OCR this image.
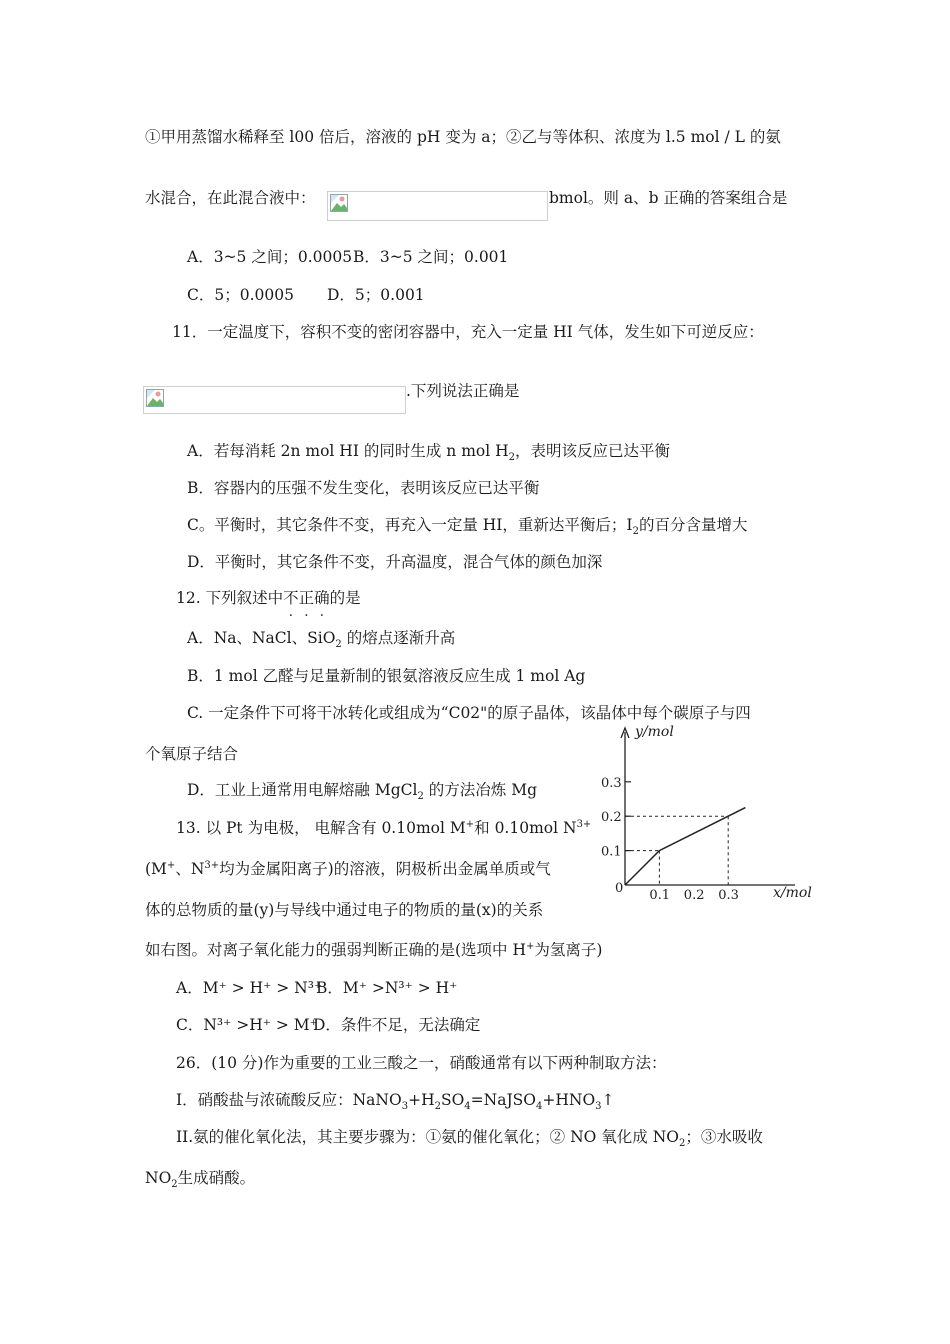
①甲用蒸馏水稀释至 l00 倍后，溶液的 pH 变为 a；②乙与等体积、浓度为 l.5 mol / L 的氨
水混合，在此混合液中：	bmol。则 a、b 正确的答案组合是
A．3~5 之间；0.0005 B．3~5 之间；0.001
C．5；0.0005 D．5；0.001
11．一定温度下，容积不变的密闭容器中，充入一定量 HI 气体，发生如下可逆反应：
.下列说法正确是
A．若每消耗 2n mol HI 的同时生成 n mol $H_2$，表明该反应已达平衡
B．容器内的压强不发生变化，表明该反应已达平衡
C。平衡时，其它条件不变，再充入一定量 HI，重新达平衡后；$I_2$的百分含量增大
D．平衡时，其它条件不变，升高温度，混合气体的颜色加深
12. 下列叙述中不正确的是
A．Na、NaCl、SiO$_2$ 的熔点逐渐升高
B．1 mol 乙醛与足量新制的银氨溶液反应生成 1 mol Ag
C. 一定条件下可将干冰转化或组成为“C02"的原子晶体，该晶体中每个碳原子与四
个氧原子结合
D．工业上通常用电解熔融 MgCl$_2$ 的方法冶炼 Mg
13. 以 Pt 为电极， 电解含有 0.10mol M+和 0.10mol $N^{3+}$
(M+、$N^{3+}$均为金属阳离子)的溶液，阴极析出金属单质或气
体的总物质的量(y)与导线中通过电子的物质的量(x)的关系
如右图。对离子氧化能力的强弱判断正确的是(选项中 H+为氢离子)
A．M⁺ > H⁺ > N³⁺
B．M⁺ >N³⁺ > H⁺
C．N³⁺ >H⁺ > M⁺
D．条件不足，无法确定
26．(10 分)作为重要的工业三酸之一，硝酸通常有以下两种制取方法：
I．硝酸盐与浓硫酸反应：$NaNO_3+H_2SO_4=NaJSO_4+HNO_3↑$
II.氨的催化氧化法，其主要步骤为：①氨的催化氧化；② NO 氧化成 $NO_2$；③水吸收
$NO_2$生成硝酸。
y/mol
x/mol
0
0.1
0.2
0.3
0.1 0.2 0.3
